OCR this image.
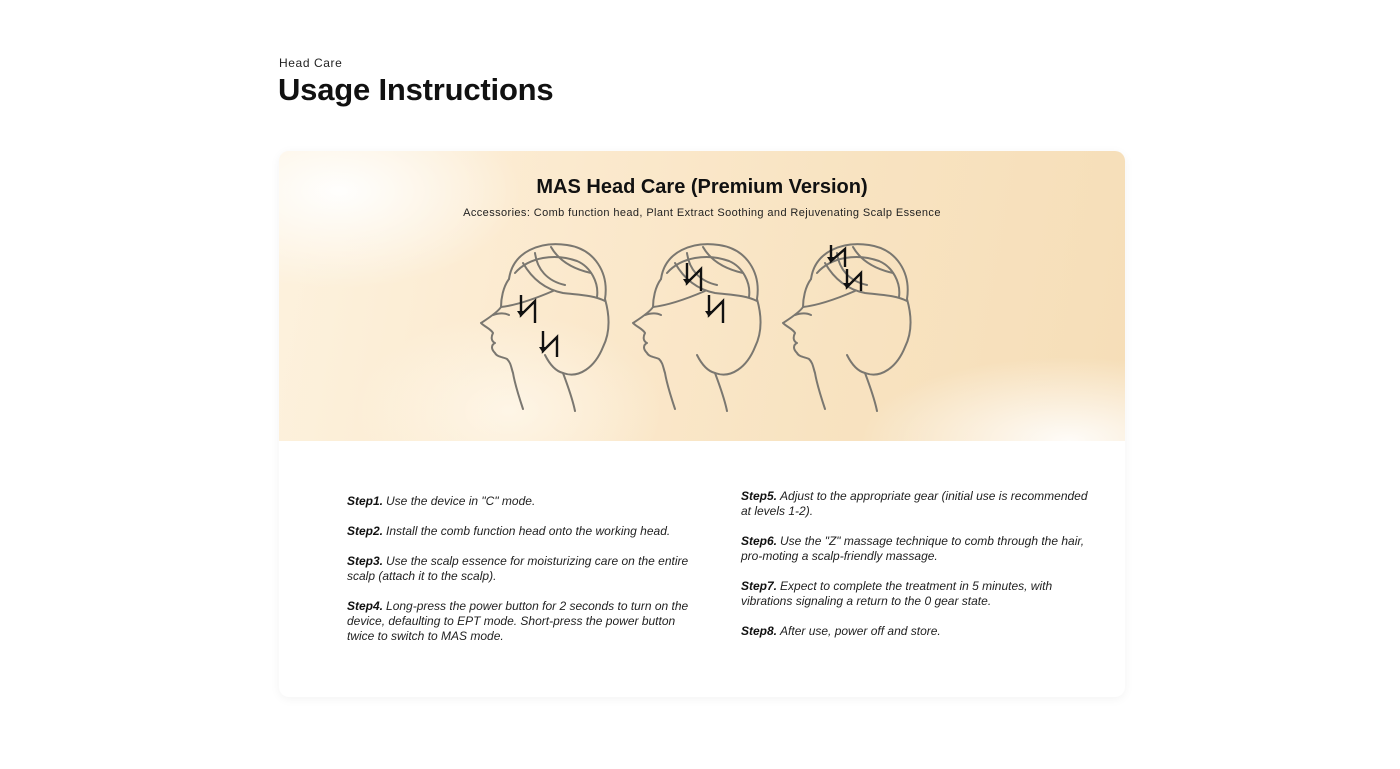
Head Care
Usage Instructions
MAS Head Care (Premium Version)

Accessories: Comb function head, Plant Extract Soothing and Rejuvenating Scalp Essence

Step1. Use the device in "C" mode.

Step2. Install the comb function head onto the working head.

Step3. Use the scalp essence for moisturizing care on the entire scalp (attach it to the scalp).

Step4. Long-press the power button for 2 seconds to turn on the device, defaulting to EPT mode. Short-press the power button twice to switch to MAS mode.

Step5. Adjust to the appropriate gear (initial use is recommended at levels 1-2).

Step6. Use the "Z" massage technique to comb through the hair, pro-moting a scalp-friendly massage.

Step7. Expect to complete the treatment in 5 minutes, with vibrations signaling a return to the 0 gear state.

Step8. After use, power off and store.
